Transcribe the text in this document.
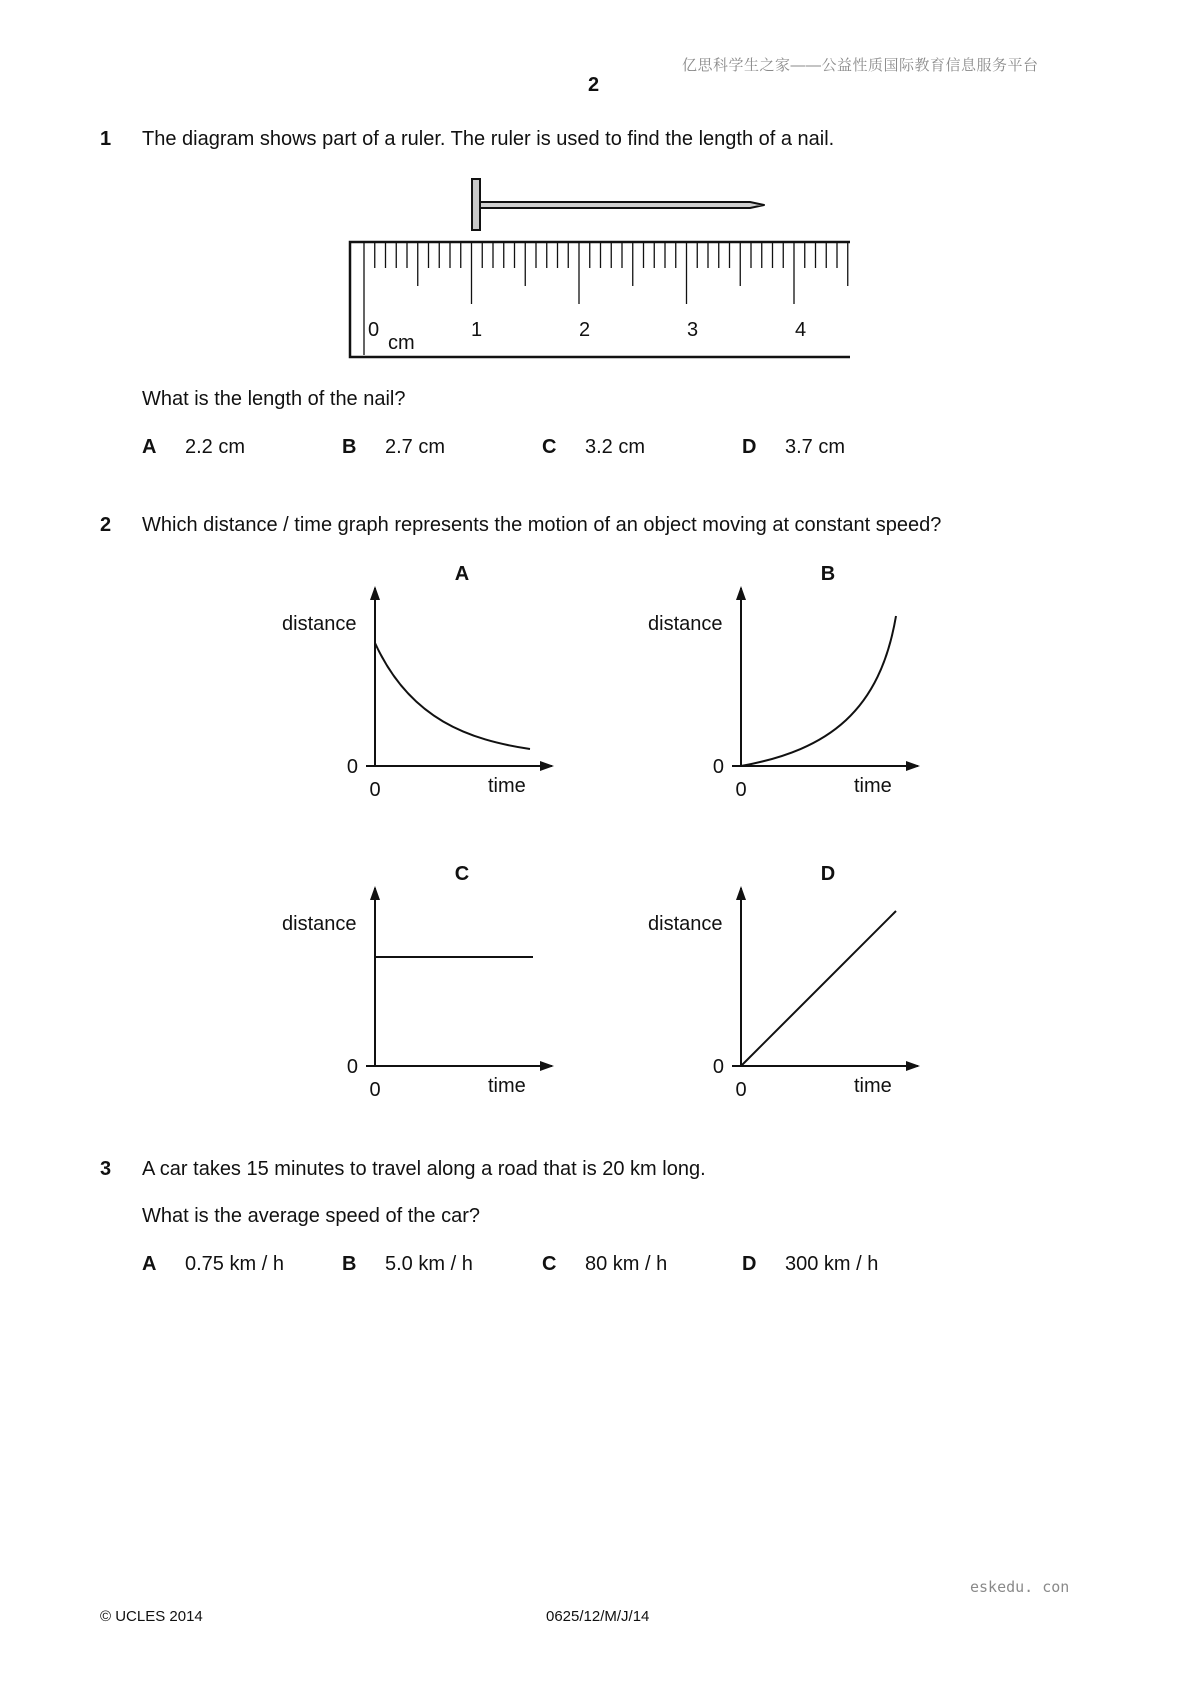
亿思科学生之家——公益性质国际教育信息服务平台
2
1 The diagram shows part of a ruler. The ruler is used to find the length of a nail.
0	1	2	3	4
cm
What is the length of the nail?
A 2.2 cm	B 2.7 cm	C 3.2 cm	D 3.7 cm
2 Which distance / time graph represents the motion of an object moving at constant speed?
A
distance
0
0	time
B
distance
0
0	time
C
distance
0
0	time
D
distance
0
0	time
3 A car takes 15 minutes to travel along a road that is 20 km long.
What is the average speed of the car?
A 0.75 km / h	B 5.0 km / h	C 80 km / h	D 300 km / h
eskedu. con
© UCLES 2014	0625/12/M/J/14
